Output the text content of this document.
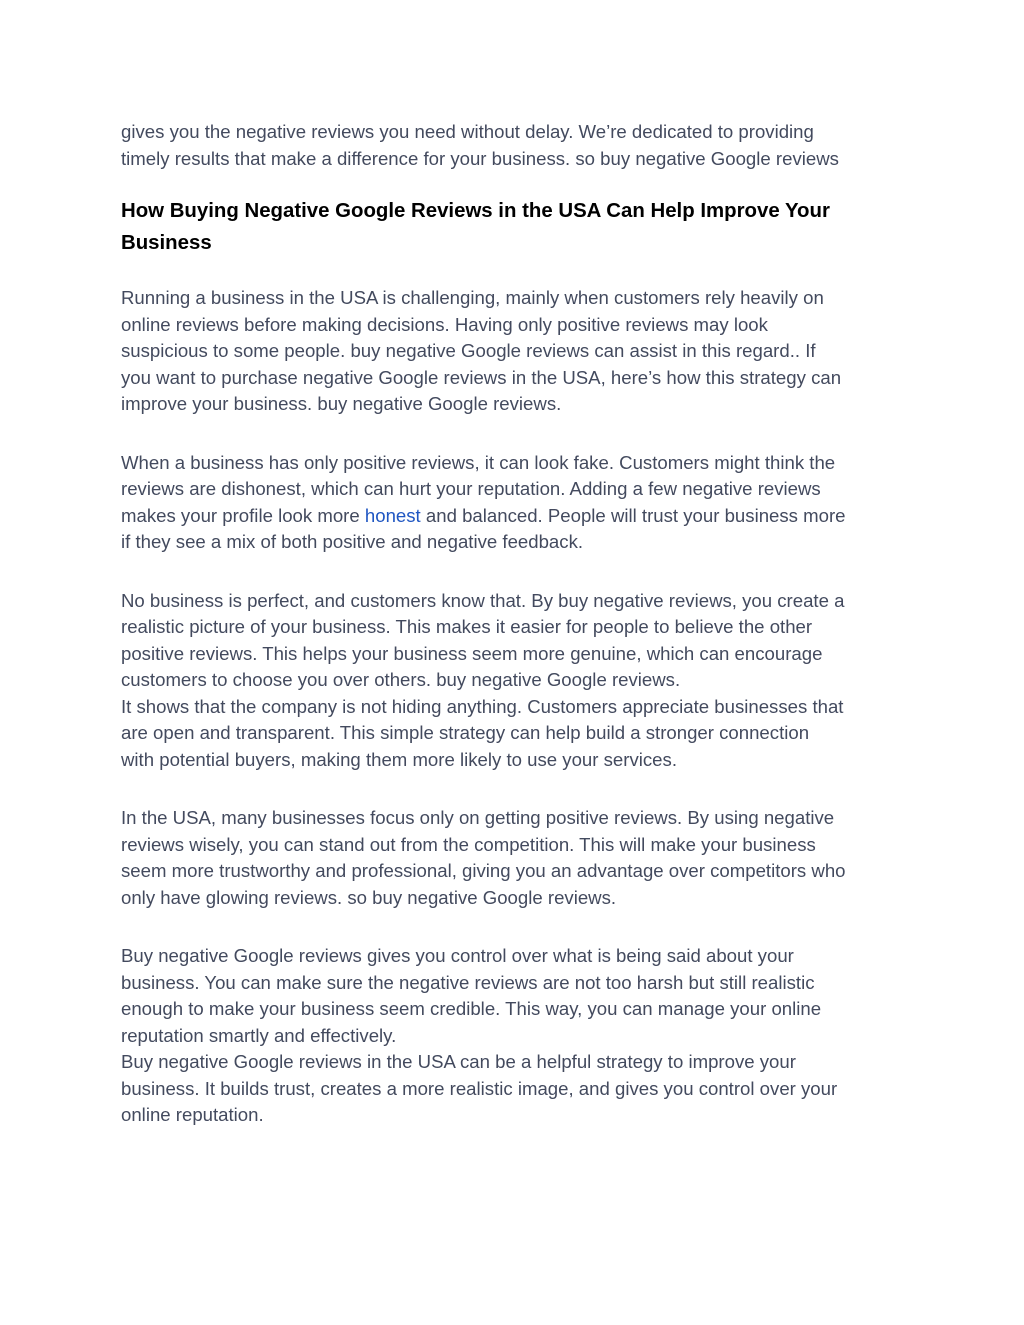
gives you the negative reviews you need without delay. We’re dedicated to providing
timely results that make a difference for your business. so buy negative Google reviews

How Buying Negative Google Reviews in the USA Can Help Improve Your
Business

Running a business in the USA is challenging, mainly when customers rely heavily on
online reviews before making decisions. Having only positive reviews may look
suspicious to some people. buy negative Google reviews can assist in this regard.. If
you want to purchase negative Google reviews in the USA, here’s how this strategy can
improve your business. buy negative Google reviews.

When a business has only positive reviews, it can look fake. Customers might think the
reviews are dishonest, which can hurt your reputation. Adding a few negative reviews
makes your profile look more honest and balanced. People will trust your business more
if they see a mix of both positive and negative feedback.

No business is perfect, and customers know that. By buy negative reviews, you create a
realistic picture of your business. This makes it easier for people to believe the other
positive reviews. This helps your business seem more genuine, which can encourage
customers to choose you over others. buy negative Google reviews.
It shows that the company is not hiding anything. Customers appreciate businesses that
are open and transparent. This simple strategy can help build a stronger connection
with potential buyers, making them more likely to use your services.

In the USA, many businesses focus only on getting positive reviews. By using negative
reviews wisely, you can stand out from the competition. This will make your business
seem more trustworthy and professional, giving you an advantage over competitors who
only have glowing reviews. so buy negative Google reviews.

Buy negative Google reviews gives you control over what is being said about your
business. You can make sure the negative reviews are not too harsh but still realistic
enough to make your business seem credible. This way, you can manage your online
reputation smartly and effectively.
Buy negative Google reviews in the USA can be a helpful strategy to improve your
business. It builds trust, creates a more realistic image, and gives you control over your
online reputation.
